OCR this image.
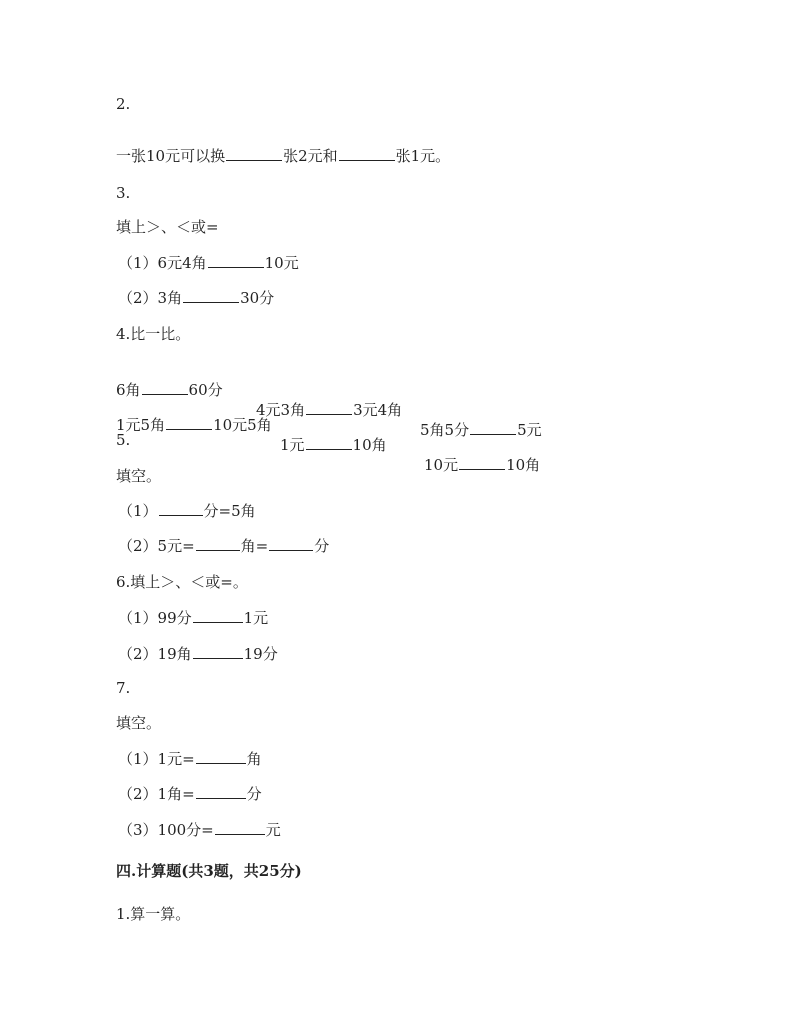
2.
一张10元可以换	张2元和	张1元。
3.
填上＞、＜或=
（1）6元4角	10元
（2）3角	30分
4.比一比。

6角	60分

4元3角	3元4角

5角5分	5元

1元5角	10元5角

1元	10角

10元	10角

5.
填空。
（1）	分=5角
（2）5元=	角=	分
6.填上＞、＜或=。
（1）99分	1元
（2）19角	19分
7.
填空。
（1）1元=	角
（2）1角=	分
（3）100分=	元
四.计算题(共3题，共25分)
1.算一算。
